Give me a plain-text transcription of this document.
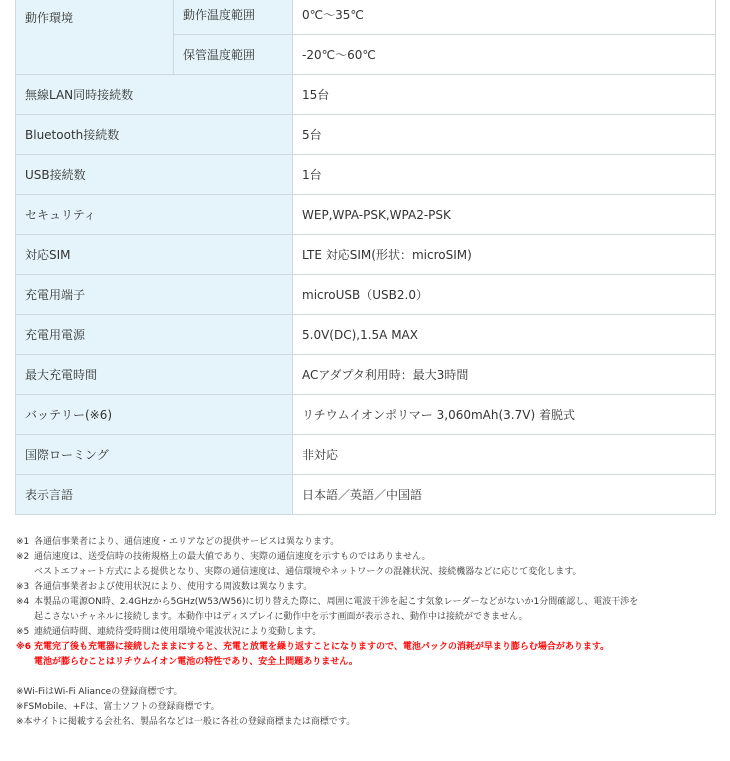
動作環境	動作温度範囲	0℃～35℃
	保管温度範囲	-20℃～60℃
無線LAN同時接続数		15台
Bluetooth接続数		5台
USB接続数		1台
セキュリティ		WEP,WPA-PSK,WPA2-PSK
対応SIM		LTE 対応SIM(形状：microSIM)
充電用端子		microUSB（USB2.0）
充電用電源		5.0V(DC),1.5A MAX
最大充電時間		ACアダプタ利用時：最大3時間
バッテリー(※6)		リチウムイオンポリマー 3,060mAh(3.7V) 着脱式
国際ローミング		非対応
表示言語		日本語／英語／中国語
※1 各通信事業者により、通信速度・エリアなどの提供サービスは異なります。
※2 通信速度は、送受信時の技術規格上の最大値であり、実際の通信速度を示すものではありません。
ベストエフォート方式による提供となり、実際の通信速度は、通信環境やネットワークの混雑状況、接続機器などに応じて変化します。
※3 各通信事業者および使用状況により、使用する周波数は異なります。
※4 本製品の電源ON時、2.4GHzから5GHz(W53/W56)に切り替えた際に、周囲に電波干渉を起こす気象レーダーなどがないか1分間確認し、電波干渉を
起こさないチャネルに接続します。本動作中はディスプレイに動作中を示す画面が表示され、動作中は接続ができません。
※5 連続通信時間、連続待受時間は使用環境や電波状況により変動します。
※6 充電完了後も充電器に接続したままにすると、充電と放電を繰り返すことになりますので、電池パックの消耗が早まり膨らむ場合があります。
電池が膨らむことはリチウムイオン電池の特性であり、安全上問題ありません。
※Wi-FiはWi-Fi Alianceの登録商標です。
※FSMobile、+Fは、富士ソフトの登録商標です。
※本サイトに掲載する会社名、製品名などは一般に各社の登録商標または商標です。
